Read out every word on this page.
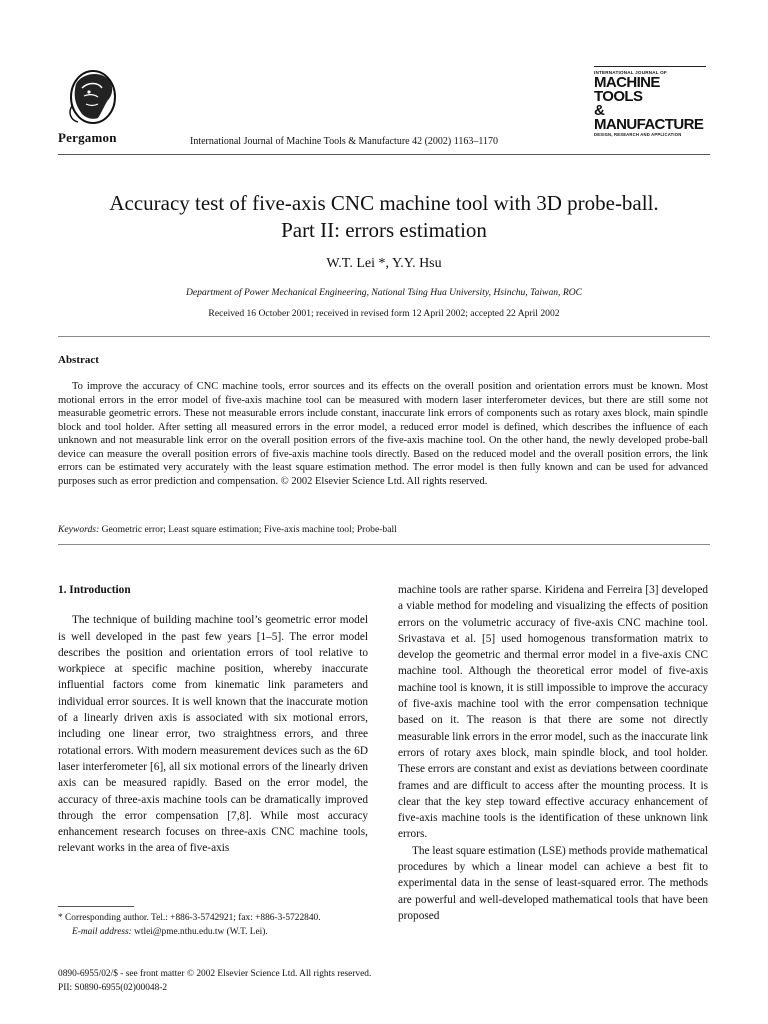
Pergamon	International Journal of Machine Tools & Manufacture 42 (2002) 1163–1170
INTERNATIONAL JOURNAL OF
MACHINE TOOLS
& MANUFACTURE
DESIGN, RESEARCH AND APPLICATION
Accuracy test of five-axis CNC machine tool with 3D probe-ball.
Part II: errors estimation
W.T. Lei *, Y.Y. Hsu
Department of Power Mechanical Engineering, National Tsing Hua University, Hsinchu, Taiwan, ROC
Received 16 October 2001; received in revised form 12 April 2002; accepted 22 April 2002
Abstract
To improve the accuracy of CNC machine tools, error sources and its effects on the overall position and orientation errors must be known. Most motional errors in the error model of five-axis machine tool can be measured with modern laser interferometer devices, but there are still some not measurable geometric errors. These not measurable errors include constant, inaccurate link errors of components such as rotary axes block, main spindle block and tool holder. After setting all measured errors in the error model, a reduced error model is defined, which describes the influence of each unknown and not measurable link error on the overall position errors of the five-axis machine tool. On the other hand, the newly developed probe-ball device can measure the overall position errors of five-axis machine tools directly. Based on the reduced model and the overall position errors, the link errors can be estimated very accurately with the least square estimation method. The error model is then fully known and can be used for advanced purposes such as error prediction and compensation. © 2002 Elsevier Science Ltd. All rights reserved.
Keywords: Geometric error; Least square estimation; Five-axis machine tool; Probe-ball
1. Introduction

The technique of building machine tool’s geometric error model is well developed in the past few years [1–5]. The error model describes the position and orientation errors of tool relative to workpiece at specific machine position, whereby inaccurate influential factors come from kinematic link parameters and individual error sources. It is well known that the inaccurate motion of a linearly driven axis is associated with six motional errors, including one linear error, two straightness errors, and three rotational errors. With modern measurement devices such as the 6D laser interferometer [6], all six motional errors of the linearly driven axis can be measured rapidly. Based on the error model, the accuracy of three-axis machine tools can be dramatically improved through the error compensation [7,8]. While most accuracy enhancement research focuses on three-axis CNC machine tools, relevant works in the area of five-axis

machine tools are rather sparse. Kiridena and Ferreira [3] developed a viable method for modeling and visualizing the effects of position errors on the volumetric accuracy of five-axis CNC machine tool. Srivastava et al. [5] used homogenous transformation matrix to develop the geometric and thermal error model in a five-axis CNC machine tool. Although the theoretical error model of five-axis machine tool is known, it is still impossible to improve the accuracy of five-axis machine tool with the error compensation technique based on it. The reason is that there are some not directly measurable link errors in the error model, such as the inaccurate link errors of rotary axes block, main spindle block, and tool holder. These errors are constant and exist as deviations between coordinate frames and are difficult to access after the mounting process. It is clear that the key step toward effective accuracy enhancement of five-axis machine tools is the identification of these unknown link errors.

The least square estimation (LSE) methods provide mathematical procedures by which a linear model can achieve a best fit to experimental data in the sense of least-squared error. The methods are powerful and well-developed mathematical tools that have been proposed

* Corresponding author. Tel.: +886-3-5742921; fax: +886-3-5722840.
E-mail address: wtlei@pme.nthu.edu.tw (W.T. Lei).
0890-6955/02/$ - see front matter © 2002 Elsevier Science Ltd. All rights reserved.
PII: S0890-6955(02)00048-2
